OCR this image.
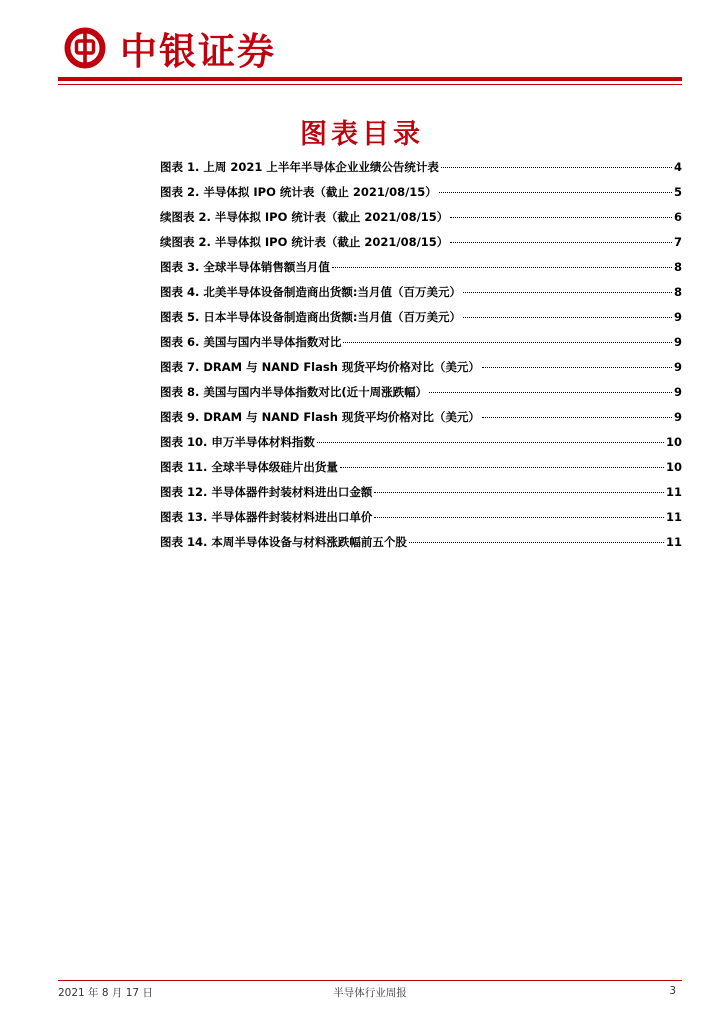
中银证券
图表目录
图表 1. 上周 2021 上半年半导体企业业绩公告统计表	4
图表 2. 半导体拟 IPO 统计表（截止 2021/08/15）	5
续图表 2. 半导体拟 IPO 统计表（截止 2021/08/15）	6
续图表 2. 半导体拟 IPO 统计表（截止 2021/08/15）	7
图表 3. 全球半导体销售额当月值	8
图表 4. 北美半导体设备制造商出货额:当月值（百万美元）	8
图表 5. 日本半导体设备制造商出货额:当月值（百万美元）	9
图表 6. 美国与国内半导体指数对比	9
图表 7. DRAM 与 NAND Flash 现货平均价格对比（美元）	9
图表 8. 美国与国内半导体指数对比(近十周涨跌幅）	9
图表 9. DRAM 与 NAND Flash 现货平均价格对比（美元）	9
图表 10. 申万半导体材料指数	10
图表 11. 全球半导体级硅片出货量	10
图表 12. 半导体器件封装材料进出口金额	11
图表 13. 半导体器件封装材料进出口单价	11
图表 14. 本周半导体设备与材料涨跌幅前五个股	11
2021 年 8 月 17 日	半导体行业周报	3
